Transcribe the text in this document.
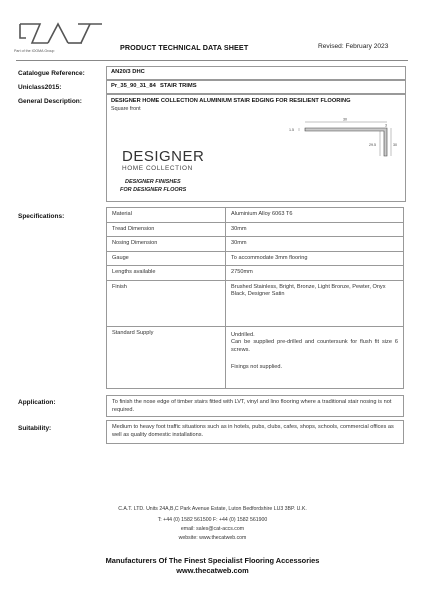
Part of the IOOMA Group	PRODUCT TECHNICAL DATA SHEET	Revised: February 2023
Catalogue Reference:	AN20/3 DHC
Uniclass2015:	Pr_35_90_31_84 STAIR TRIMS
General Description:	DESIGNER HOME COLLECTION ALUMINIUM STAIR EDGING FOR RESILIENT FLOORING
Square front
30
1.5
3
29.5	30
DESIGNER
HOME COLLECTION
DESIGNER FINISHES
FOR DESIGNER FLOORS
Specifications:	Material	Aluminium Alloy 6063 T6
Tread Dimension	30mm
Nosing Dimension	30mm
Gauge	To accommodate 3mm flooring
Lengths available	2750mm
Finish	Brushed Stainless, Bright, Bronze, Light Bronze, Pewter, Onyx Black, Designer Satin
Standard Supply	Undrilled.
Can be supplied pre-drilled and countersunk for flush fit size 6 screws.
Fixings not supplied.
Application:	To finish the nose edge of timber stairs fitted with LVT, vinyl and lino flooring where a traditional stair nosing is not required.
Suitability:	Medium to heavy foot traffic situations such as in hotels, pubs, clubs, cafes, shops, schools, commercial offices as well as quality domestic installations.
C.A.T. LTD. Units 24A,B,C Park Avenue Estate, Luton Bedfordshire LU3 3BP. U.K.
T: +44 (0) 1582 561500 F: +44 (0) 1582 561900
email: sales@cat-accs.com
website: www.thecatweb.com
Manufacturers Of The Finest Specialist Flooring Accessories
www.thecatweb.com
